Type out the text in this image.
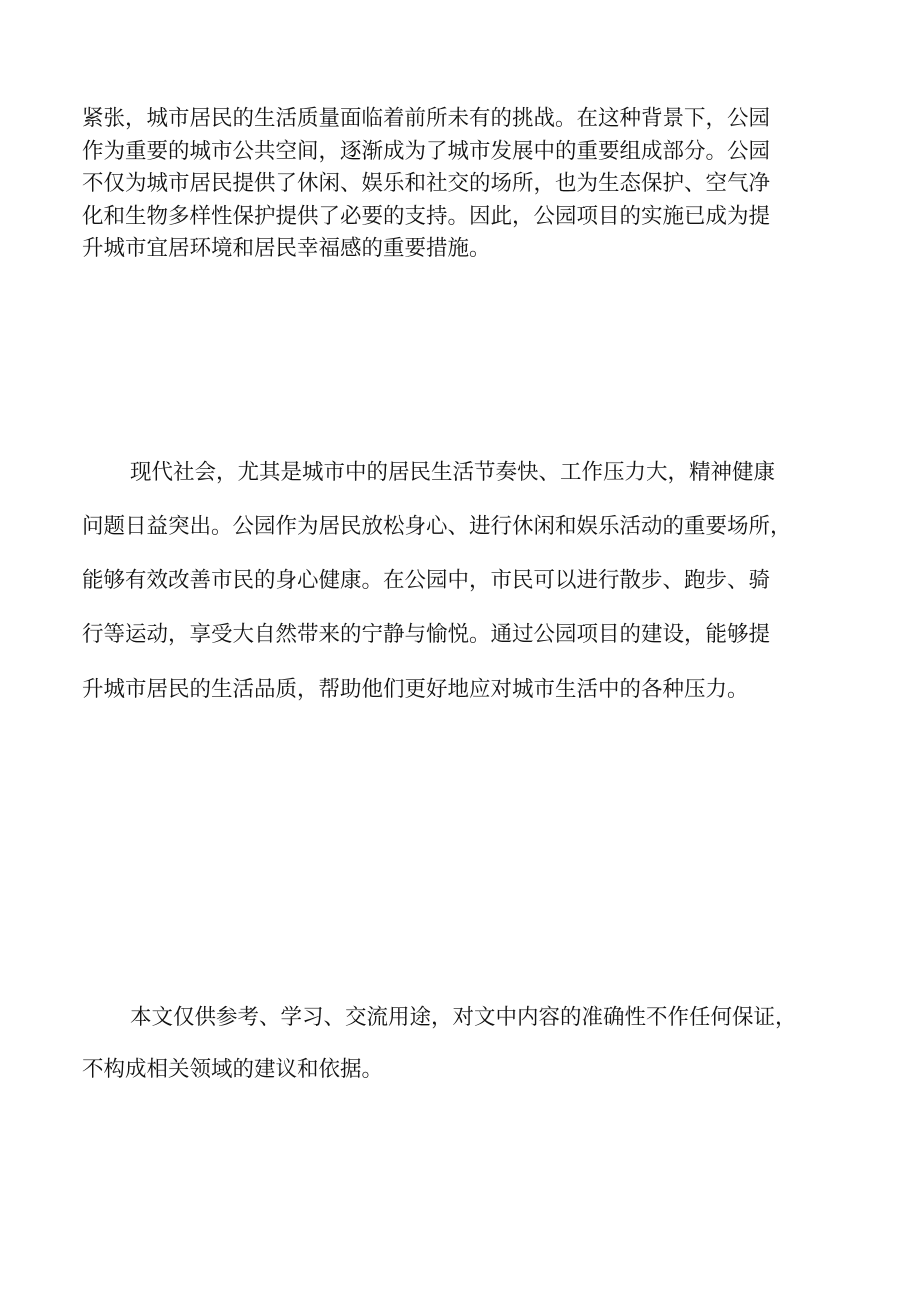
紧张，城市居民的生活质量面临着前所未有的挑战。在这种背景下，公园
作为重要的城市公共空间，逐渐成为了城市发展中的重要组成部分。公园
不仅为城市居民提供了休闲、娱乐和社交的场所，也为生态保护、空气净
化和生物多样性保护提供了必要的支持。因此，公园项目的实施已成为提
升城市宜居环境和居民幸福感的重要措施。
现代社会，尤其是城市中的居民生活节奏快、工作压力大，精神健康
问题日益突出。公园作为居民放松身心、进行休闲和娱乐活动的重要场所，
能够有效改善市民的身心健康。在公园中，市民可以进行散步、跑步、骑
行等运动，享受大自然带来的宁静与愉悦。通过公园项目的建设，能够提
升城市居民的生活品质，帮助他们更好地应对城市生活中的各种压力。
本文仅供参考、学习、交流用途，对文中内容的准确性不作任何保证，
不构成相关领域的建议和依据。
